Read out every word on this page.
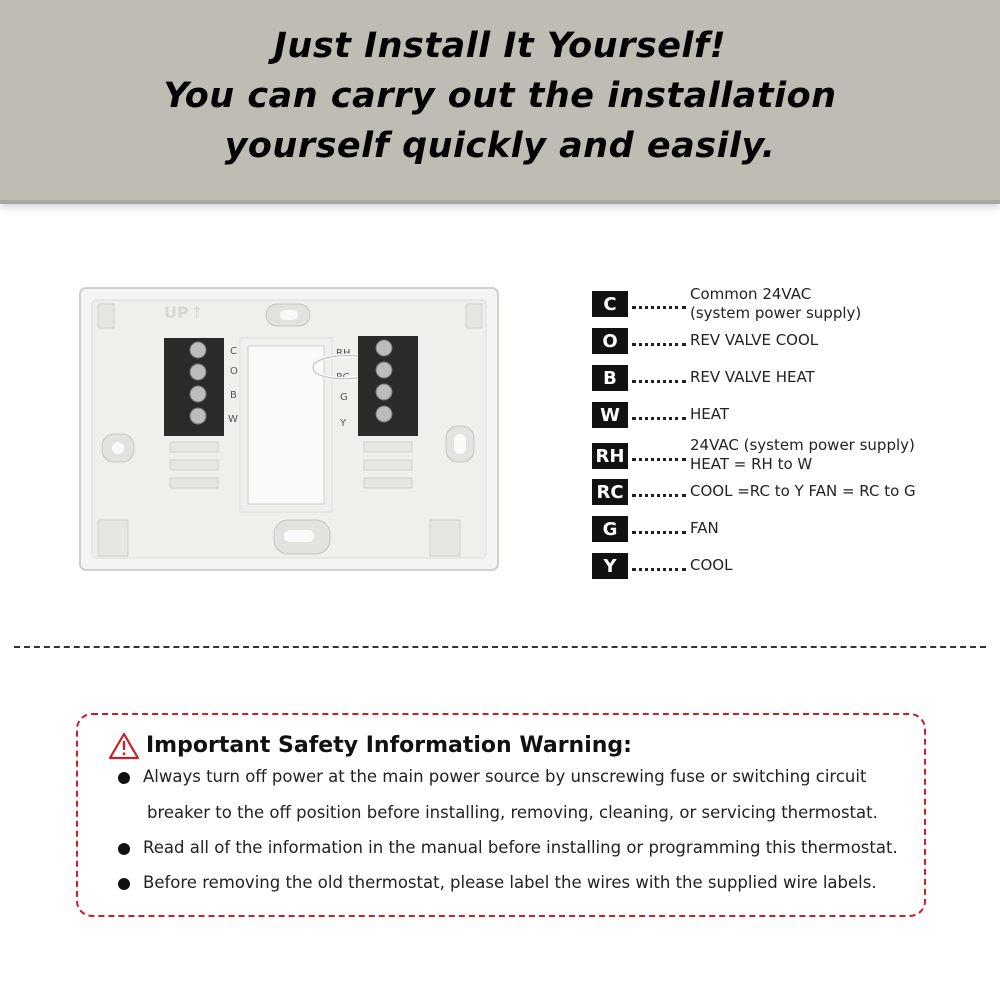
Just Install It Yourself!
You can carry out the installation
yourself quickly and easily.
UP ↑
C
O
B
W
RH
RC
G
Y
C	Common 24VAC
(system power supply)
O	REV VALVE COOL
B	REV VALVE HEAT
W	HEAT
RH
24VAC (system power supply)
HEAT = RH to W
RC	COOL =RC to Y FAN = RC to G
G	FAN
Y	COOL
Important Safety Information Warning:
Always turn off power at the main power source by unscrewing fuse or switching circuit
breaker to the off position before installing, removing, cleaning, or servicing thermostat.
Read all of the information in the manual before installing or programming this thermostat.
Before removing the old thermostat, please label the wires with the supplied wire labels.
